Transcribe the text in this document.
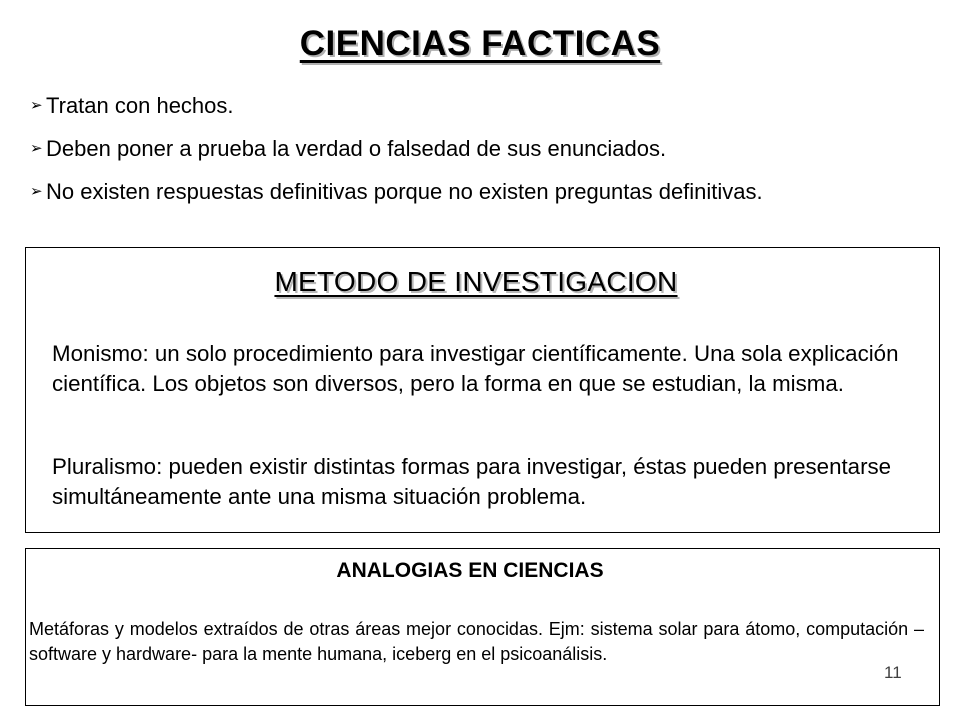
CIENCIAS FACTICAS
➢ Tratan con hechos.
➢ Deben poner a prueba la verdad o falsedad de sus enunciados.
➢ No existen respuestas definitivas porque no existen preguntas definitivas.
METODO DE INVESTIGACION

Monismo: un solo procedimiento para investigar científicamente. Una sola explicación científica. Los objetos son diversos, pero la forma en que se estudian, la misma.

Pluralismo: pueden existir distintas formas para investigar, éstas pueden presentarse simultáneamente ante una misma situación problema.

ANALOGIAS EN CIENCIAS

Metáforas y modelos extraídos de otras áreas mejor conocidas. Ejm: sistema solar para átomo, computación –software y hardware- para la mente humana, iceberg en el psicoanálisis.

11
